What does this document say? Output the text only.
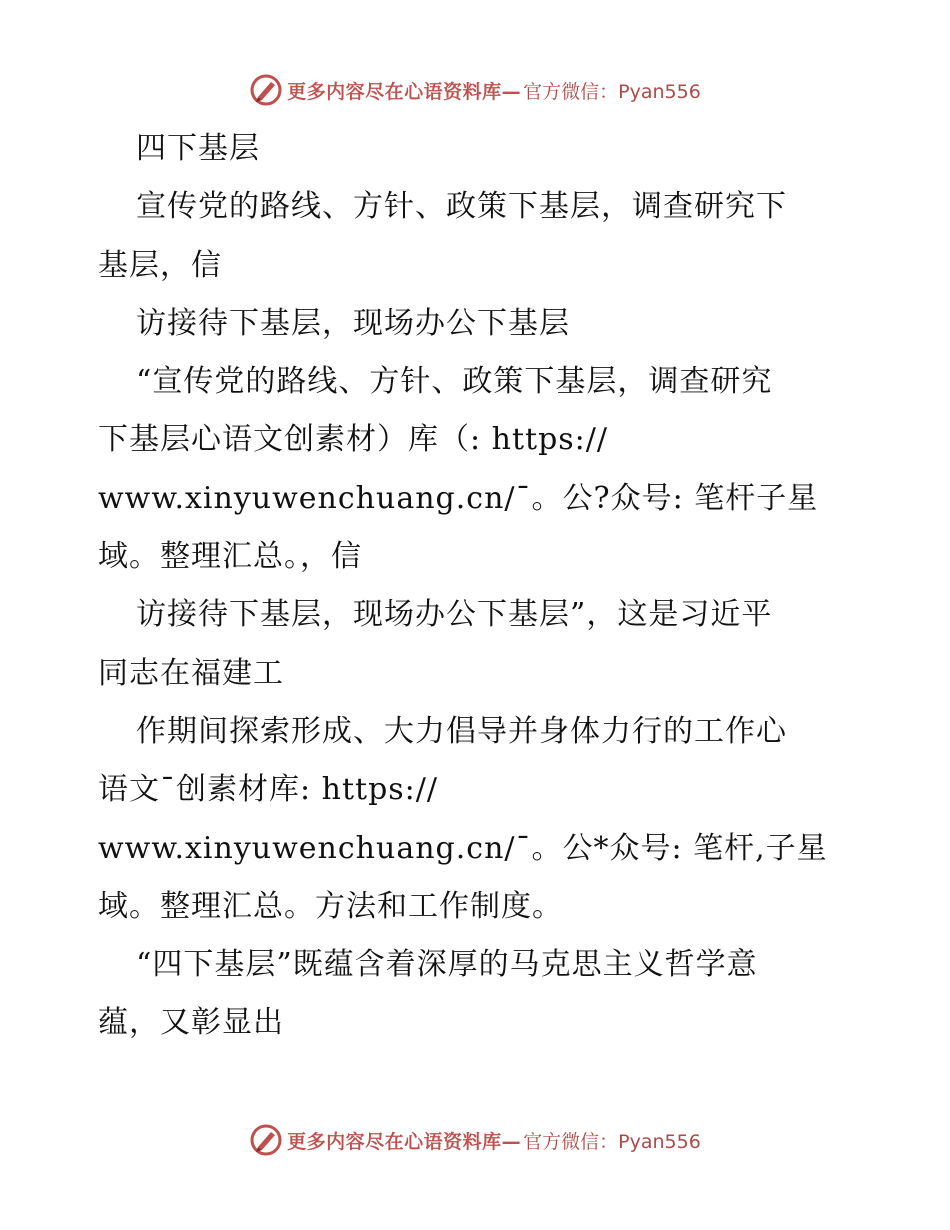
更多内容尽在心语资料库— 官方微信：Pyan556
四下基层
宣传党的路线、方针、政策下基层，调查研究下
基层，信
访接待下基层，现场办公下基层
“宣传党的路线、方针、政策下基层，调查研究
下基层心语文创素材）库（: https://
www.xinyuwenchuang.cn/ˉ。公?众号: 笔杆子星
域。整理汇总。，信
访接待下基层，现场办公下基层”，这是习近平
同志在福建工
作期间探索形成、大力倡导并身体力行的工作心
语文ˉ创素材库: https://
www.xinyuwenchuang.cn/ˉ。公*众号: 笔杆,子星
域。整理汇总。方法和工作制度。
“四下基层”既蕴含着深厚的马克思主义哲学意
蕴，又彰显出
更多内容尽在心语资料库— 官方微信：Pyan556
